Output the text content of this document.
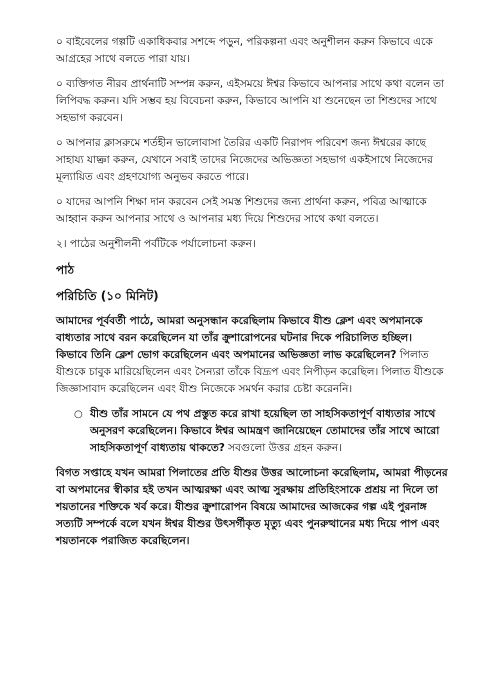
০ বাইবেলের গল্পটি একাধিকবার সশব্দে পড়ুন, পরিকল্পনা এবং অনুশীলন করুন কিভাবে একে আগ্রহের সাথে বলতে পারা যায়।

০ ব্যক্তিগত নীরব প্রার্থনাটি সম্পন্ন করুন, এইসময়ে ঈশ্বর কিভাবে আপনার সাথে কথা বলেন তা লিপিবদ্ধ করুন। যদি সম্ভব হয় বিবেচনা করুন, কিভাবে আপনি যা শুনেছেন তা শিশুদের সাথে সহভাগ করবেন।

০ আপনার ক্লাসরুমে শর্তহীন ভালোবাসা তৈরির একটি নিরাপদ পরিবেশ জন্য ঈশ্বরের কাছে সাহায্য যাচ্ঞা করুন, যেখানে সবাই তাদের নিজেদের অভিজ্ঞতা সহভাগ একইসাথে নিজেদের মূল্যায়িত এবং গ্রহণযোগ্য অনুভব করতে পারে।

০ যাদের আপনি শিক্ষা দান করবেন সেই সমস্ত শিশুদের জন্য প্রার্থনা করুন, পবিত্র আত্মাকে আহ্বান করুন আপনার সাথে ও আপনার মধ্য দিয়ে শিশুদের সাথে কথা বলতে।

২। পাঠের অনুশীলনী পর্বটিকে পর্যালোচনা করুন।

পাঠ

পরিচিতি (১০ মিনিট)

আমাদের পূর্ববর্তী পাঠে, আমরা অনুসন্ধান করেছিলাম কিভাবে যীশু ক্লেশ এবং অপমানকে বাধ্যতার সাথে বরন করেছিলেন যা তাঁর ক্রুশারোপনের ঘটনার দিকে পরিচালিত হচ্ছিল। কিভাবে তিনি ক্লেশ ভোগ করেছিলেন এবং অপমানের অভিজ্ঞতা লাভ করেছিলেন? পিলাত যীশুকে চাবুক মারিয়েছিলেন এবং সৈন্যরা তাঁকে বিদ্রূপ এবং নিপীড়ন করেছিল। পিলাত যীশুকে জিজ্ঞাসাবাদ করেছিলেন এবং যীশু নিজেকে সমর্থন করার চেষ্টা করেননি।

○ যীশু তাঁর সামনে যে পথ প্রস্তুত করে রাখা হয়েছিল তা সাহসিকতাপূর্ণ বাধ্যতার সাথে অনুসরণ করেছিলেন। কিভাবে ঈশ্বর আমন্ত্রণ জানিয়েছেন তোমাদের তাঁর সাথে আরো সাহসিকতাপূর্ণ বাধ্যতায় থাকতে? সবগুলো উত্তর গ্রহন করুন।

বিগত সপ্তাহে যখন আমরা পিলাতের প্রতি যীশুর উত্তর আলোচনা করেছিলাম, আমরা পীড়নের বা অপমানের স্বীকার হই তখন আত্মরক্ষা এবং আত্ম সুরক্ষায় প্রতিহিংসাকে প্রশ্রয় না দিলে তা শয়তানের শক্তিকে খর্ব করে। যীশুর ক্রুশারোপন বিষয়ে আমাদের আজকের গল্প এই পুরনাঙ্গ সত্যটি সম্পর্কে বলে যখন ঈশ্বর যীশুর উৎসর্গীকৃত মৃত্যু এবং পুনরুত্থানের মধ্য দিয়ে পাপ এবং শয়তানকে পরাজিত করেছিলেন।
